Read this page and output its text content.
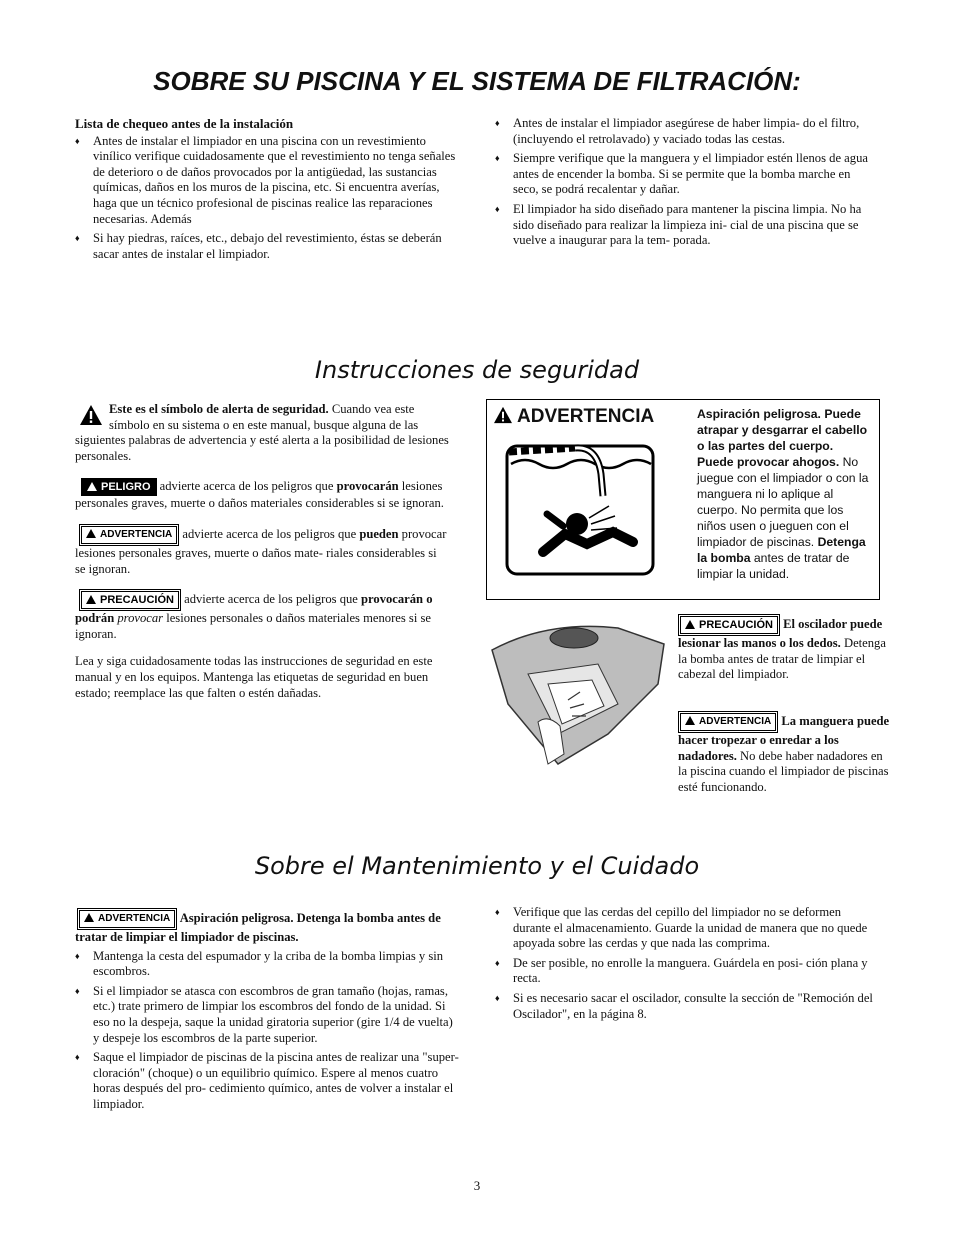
SOBRE SU PISCINA Y EL SISTEMA DE FILTRACIÓN:
Lista de chequeo antes de la instalación
♦ Antes de instalar el limpiador en una piscina con un revestimiento vinílico verifique cuidadosamente que el revestimiento no tenga señales de deterioro o de daños provocados por la antigüedad, las sustancias químicas, daños en los muros de la piscina, etc. Si encuentra averías, haga que un técnico profesional de piscinas realice las reparaciones necesarias. Además
♦ Si hay piedras, raíces, etc., debajo del revestimiento, éstas se deberán sacar antes de instalar el limpiador.
♦ Antes de instalar el limpiador asegúrese de haber limpia- do el filtro, (incluyendo el retrolavado) y vaciado todas las cestas.
♦ Siempre verifique que la manguera y el limpiador estén llenos de agua antes de encender la bomba. Si se permite que la bomba marche en seco, se podrá recalentar y dañar.
♦ El limpiador ha sido diseñado para mantener la piscina limpia. No ha sido diseñado para realizar la limpieza ini- cial de una piscina que se vuelve a inaugurar para la tem- porada.
Instrucciones de seguridad

Este es el símbolo de alerta de seguridad. Cuando vea este símbolo en su sistema o en este manual, busque alguna de las siguientes palabras de advertencia y esté alerta a la posibilidad de lesiones personales.

PELIGRO advierte acerca de los peligros que provocarán lesiones personales graves, muerte o daños materiales considerables si se ignoran.

ADVERTENCIA advierte acerca de los peligros que pueden provocar lesiones personales graves, muerte o daños mate- riales considerables si se ignoran.

PRECAUCIÓN advierte acerca de los peligros que provocarán o podrán provocar lesiones personales o daños materiales menores si se ignoran.

Lea y siga cuidadosamente todas las instrucciones de seguridad en este manual y en los equipos. Mantenga las etiquetas de seguridad en buen estado; reemplace las que falten o estén dañadas.

ADVERTENCIA	Aspiración peligrosa. Puede atrapar y desgarrar el cabello o las partes del cuerpo. Puede provocar ahogos. No juegue con el limpiador o con la manguera ni lo aplique al cuerpo. No permita que los niños usen o jueguen con el limpiador de piscinas. Detenga la bomba antes de tratar de limpiar la unidad.
PRECAUCIÓN El oscilador puede lesionar las manos o los dedos. Detenga la bomba antes de tratar de limpiar el cabezal del limpiador.
ADVERTENCIA La manguera puede hacer tropezar o enredar a los nadadores. No debe haber nadadores en la piscina cuando el limpiador de piscinas esté funcionando.
Sobre el Mantenimiento y el Cuidado
ADVERTENCIA Aspiración peligrosa. Detenga la bomba antes de tratar de limpiar el limpiador de piscinas.
♦ Mantenga la cesta del espumador y la criba de la bomba limpias y sin escombros.
♦ Si el limpiador se atasca con escombros de gran tamaño (hojas, ramas, etc.) trate primero de limpiar los escombros del fondo de la unidad. Si eso no la despeja, saque la unidad giratoria superior (gire 1/4 de vuelta) y despeje los escombros de la parte superior.
♦ Saque el limpiador de piscinas de la piscina antes de realizar una "super-cloración" (choque) o un equilibrio químico. Espere al menos cuatro horas después del pro- cedimiento químico, antes de volver a instalar el limpiador.
♦ Verifique que las cerdas del cepillo del limpiador no se deformen durante el almacenamiento. Guarde la unidad de manera que no quede apoyada sobre las cerdas y que nada las comprima.
♦ De ser posible, no enrolle la manguera. Guárdela en posi- ción plana y recta.
♦ Si es necesario sacar el oscilador, consulte la sección de "Remoción del Oscilador", en la página 8.
3
